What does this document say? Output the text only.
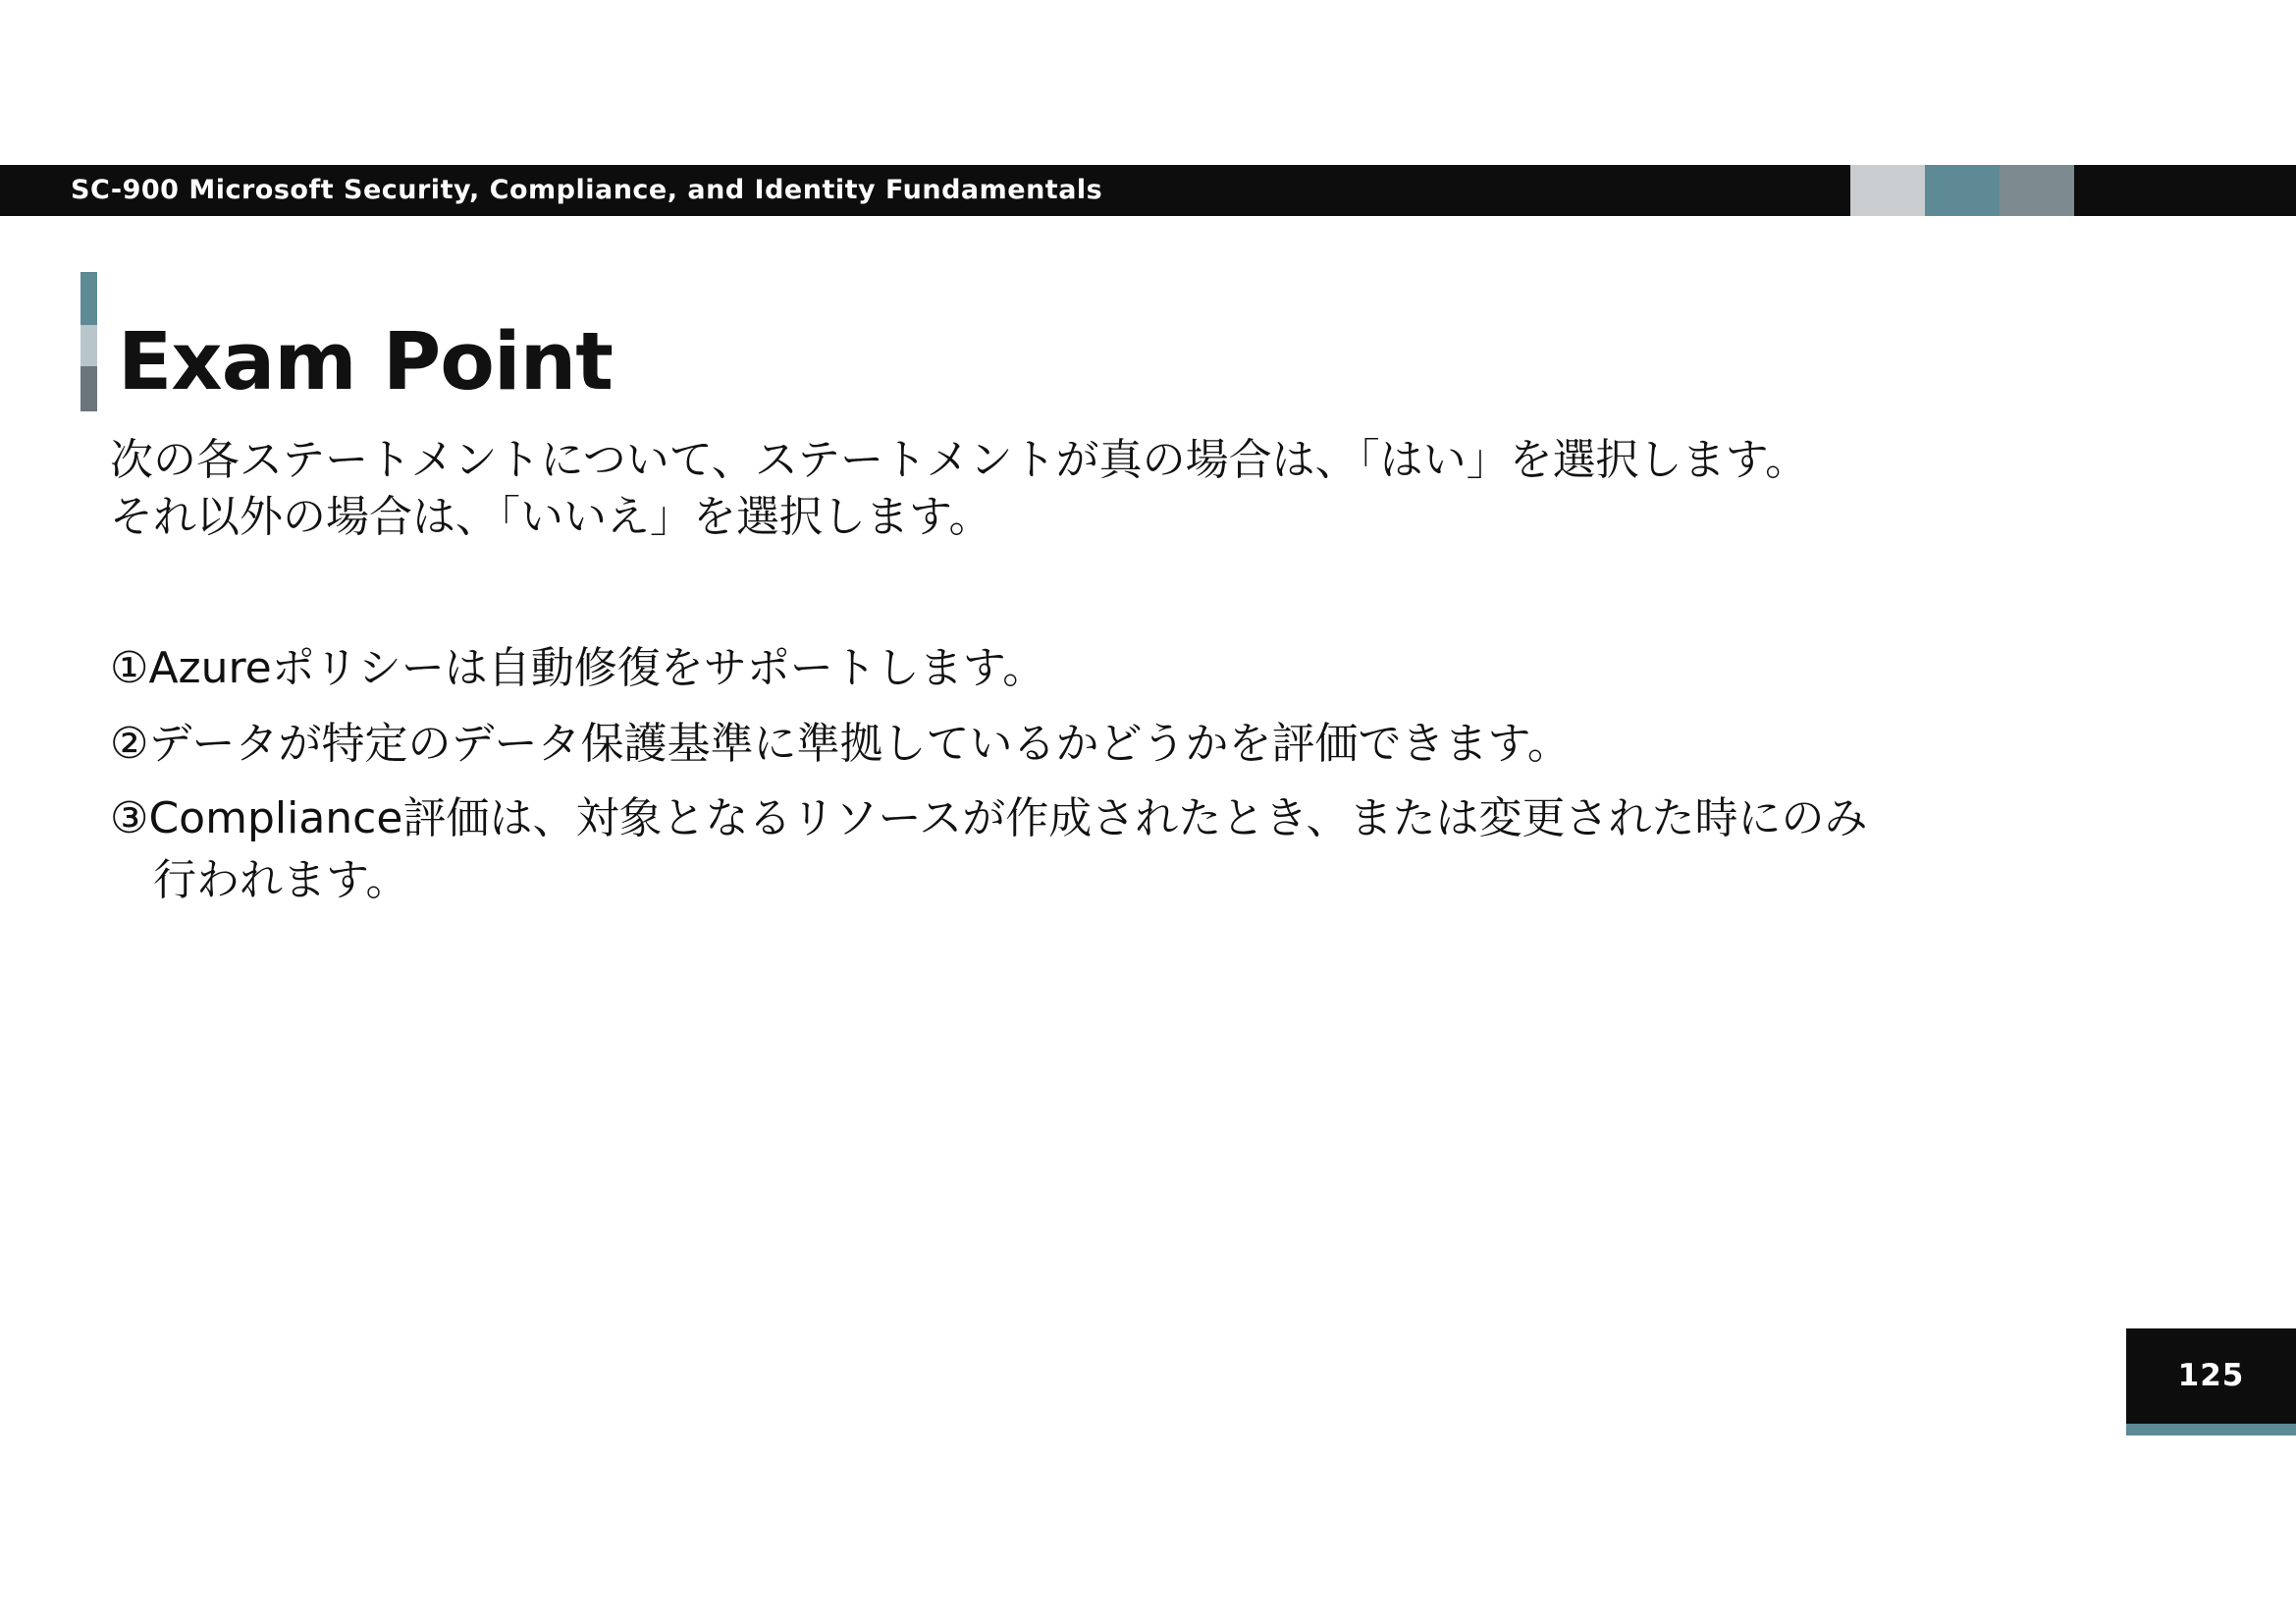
SC-900 Microsoft Security, Compliance, and Identity Fundamentals
Exam Point
次の各ステートメントについて、ステートメントが真の場合は、「はい」を選択します。
それ以外の場合は、「いいえ」を選択します。
①Azureポリシーは自動修復をサポートします。
②データが特定のデータ保護基準に準拠しているかどうかを評価できます。
③Compliance評価は、対象となるリソースが作成されたとき、または変更された時にのみ
行われます。
125
